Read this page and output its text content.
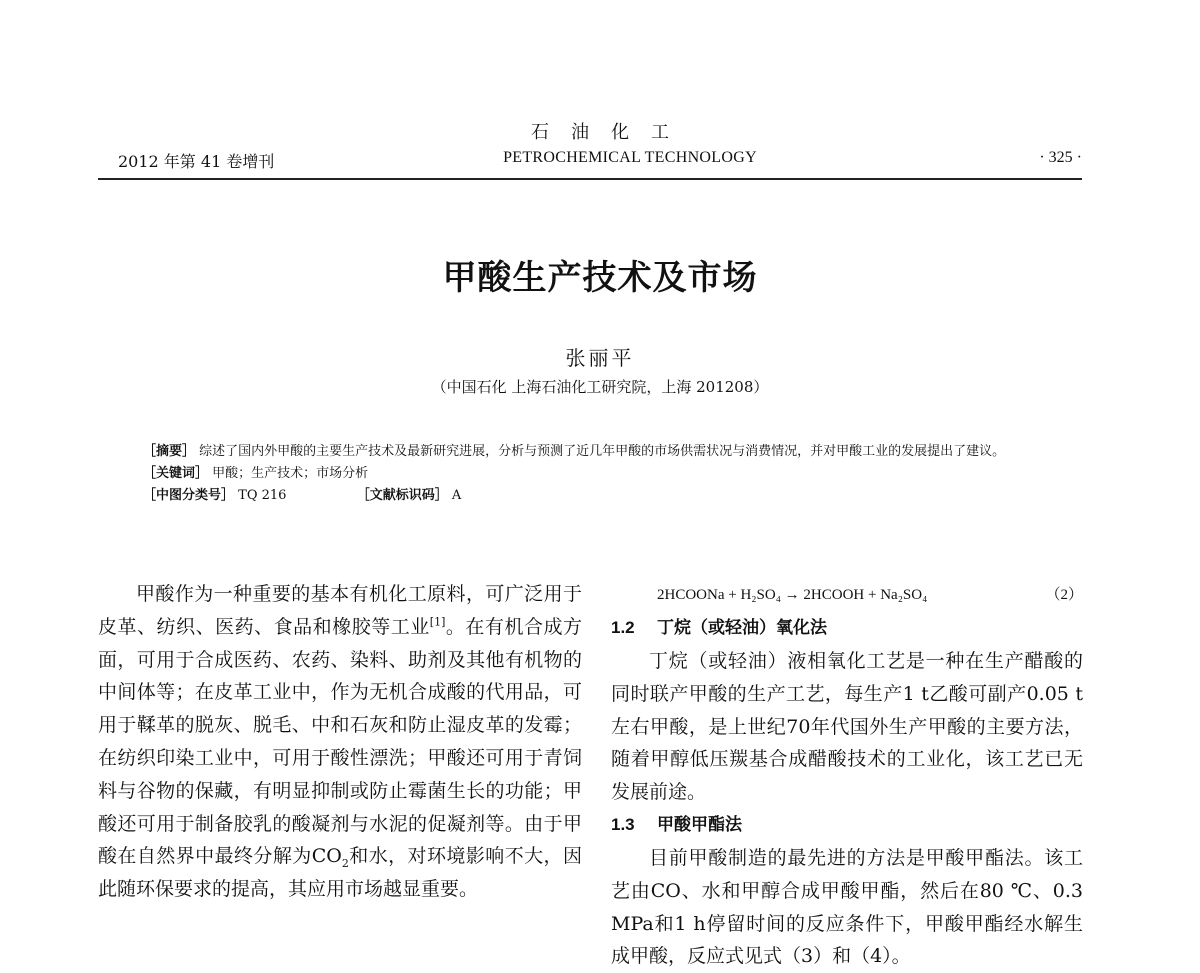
石油化工
2012 年第 41 卷增刊	PETROCHEMICAL TECHNOLOGY	· 325 ·
甲酸生产技术及市场
张丽平
（中国石化 上海石油化工研究院，上海 201208）
［摘要］ 综述了国内外甲酸的主要生产技术及最新研究进展，分析与预测了近几年甲酸的市场供需状况与消费情况，并对甲酸工业的发展提出了建议。
［关键词］ 甲酸；生产技术；市场分析
［中图分类号］ TQ 216	［文献标识码］ A

甲酸作为一种重要的基本有机化工原料，可广泛用于皮革、纺织、医药、食品和橡胶等工业[1]。在有机合成方面，可用于合成医药、农药、染料、助剂及其他有机物的中间体等；在皮革工业中，作为无机合成酸的代用品，可用于鞣革的脱灰、脱毛、中和石灰和防止湿皮革的发霉；在纺织印染工业中，可用于酸性漂洗；甲酸还可用于青饲料与谷物的保藏，有明显抑制或防止霉菌生长的功能；甲酸还可用于制备胶乳的酸凝剂与水泥的促凝剂等。由于甲酸在自然界中最终分解为$CO_2$和水，对环境影响不大，因此随环保要求的提高，其应用市场越显重要。

2HCOONa + H₂SO₄ → 2HCOOH + Na₂SO₄	（2）
1.2	丁烷（或轻油）氧化法

丁烷（或轻油）液相氧化工艺是一种在生产醋酸的同时联产甲酸的生产工艺，每生产1 t乙酸可副产0.05 t左右甲酸，是上世纪70年代国外生产甲酸的主要方法，随着甲醇低压羰基合成醋酸技术的工业化，该工艺已无发展前途。

1.3	甲酸甲酯法

目前甲酸制造的最先进的方法是甲酸甲酯法。该工艺由CO、水和甲醇合成甲酸甲酯，然后在80 ℃、0.3 MPa和1 h停留时间的反应条件下，甲酸甲酯经水解生成甲酸，反应式见式（3）和（4）。
